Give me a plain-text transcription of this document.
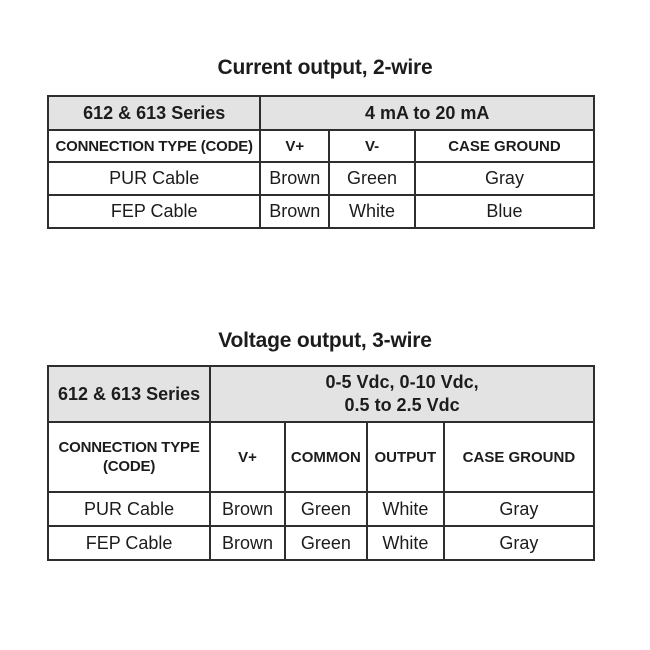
Current output, 2-wire
612 & 613 Series	4 mA to 20 mA		
CONNECTION TYPE (CODE)	V+	V-	CASE GROUND
PUR Cable	Brown	Green	Gray
FEP Cable	Brown	White	Blue
Voltage output, 3-wire
612 & 613 Series	0-5 Vdc, 0-10 Vdc,
0.5 to 2.5 Vdc			

CONNECTION TYPE
(CODE)	V+	COMMON	OUTPUT	CASE GROUND
PUR Cable	Brown	Green	White	Gray
FEP Cable	Brown	Green	White	Gray
